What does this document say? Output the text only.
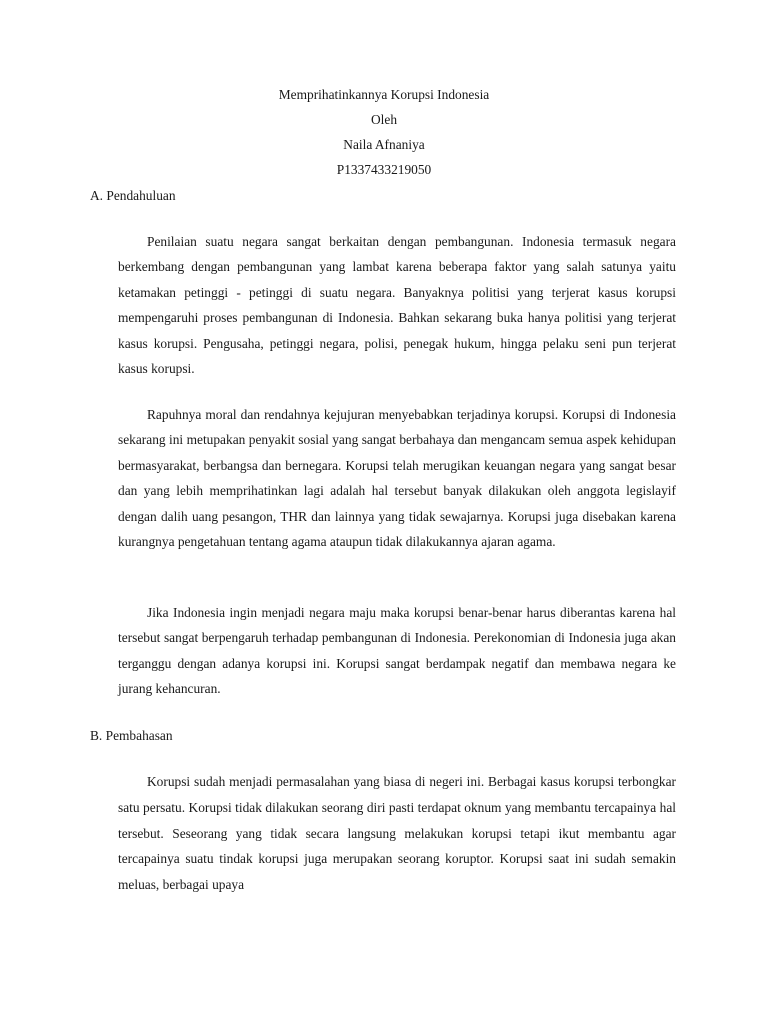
Memprihatinkannya Korupsi Indonesia
Oleh
Naila Afnaniya
P1337433219050
A. Pendahuluan

Penilaian suatu negara sangat berkaitan dengan pembangunan. Indonesia termasuk negara berkembang dengan pembangunan yang lambat karena beberapa faktor yang salah satunya yaitu ketamakan petinggi - petinggi di suatu negara. Banyaknya politisi yang terjerat kasus korupsi mempengaruhi proses pembangunan di Indonesia. Bahkan sekarang buka hanya politisi yang terjerat kasus korupsi. Pengusaha, petinggi negara, polisi, penegak hukum, hingga pelaku seni pun terjerat kasus korupsi.

Rapuhnya moral dan rendahnya kejujuran menyebabkan terjadinya korupsi. Korupsi di Indonesia sekarang ini metupakan penyakit sosial yang sangat berbahaya dan mengancam semua aspek kehidupan bermasyarakat, berbangsa dan bernegara. Korupsi telah merugikan keuangan negara yang sangat besar dan yang lebih memprihatinkan lagi adalah hal tersebut banyak dilakukan oleh anggota legislayif dengan dalih uang pesangon, THR dan lainnya yang tidak sewajarnya. Korupsi juga disebakan karena kurangnya pengetahuan tentang agama ataupun tidak dilakukannya ajaran agama.

Jika Indonesia ingin menjadi negara maju maka korupsi benar-benar harus diberantas karena hal tersebut sangat berpengaruh terhadap pembangunan di Indonesia. Perekonomian di Indonesia juga akan terganggu dengan adanya korupsi ini. Korupsi sangat berdampak negatif dan membawa negara ke jurang kehancuran.

B. Pembahasan

Korupsi sudah menjadi permasalahan yang biasa di negeri ini. Berbagai kasus korupsi terbongkar satu persatu. Korupsi tidak dilakukan seorang diri pasti terdapat oknum yang membantu tercapainya hal tersebut. Seseorang yang tidak secara langsung melakukan korupsi tetapi ikut membantu agar tercapainya suatu tindak korupsi juga merupakan seorang koruptor. Korupsi saat ini sudah semakin meluas, berbagai upaya
